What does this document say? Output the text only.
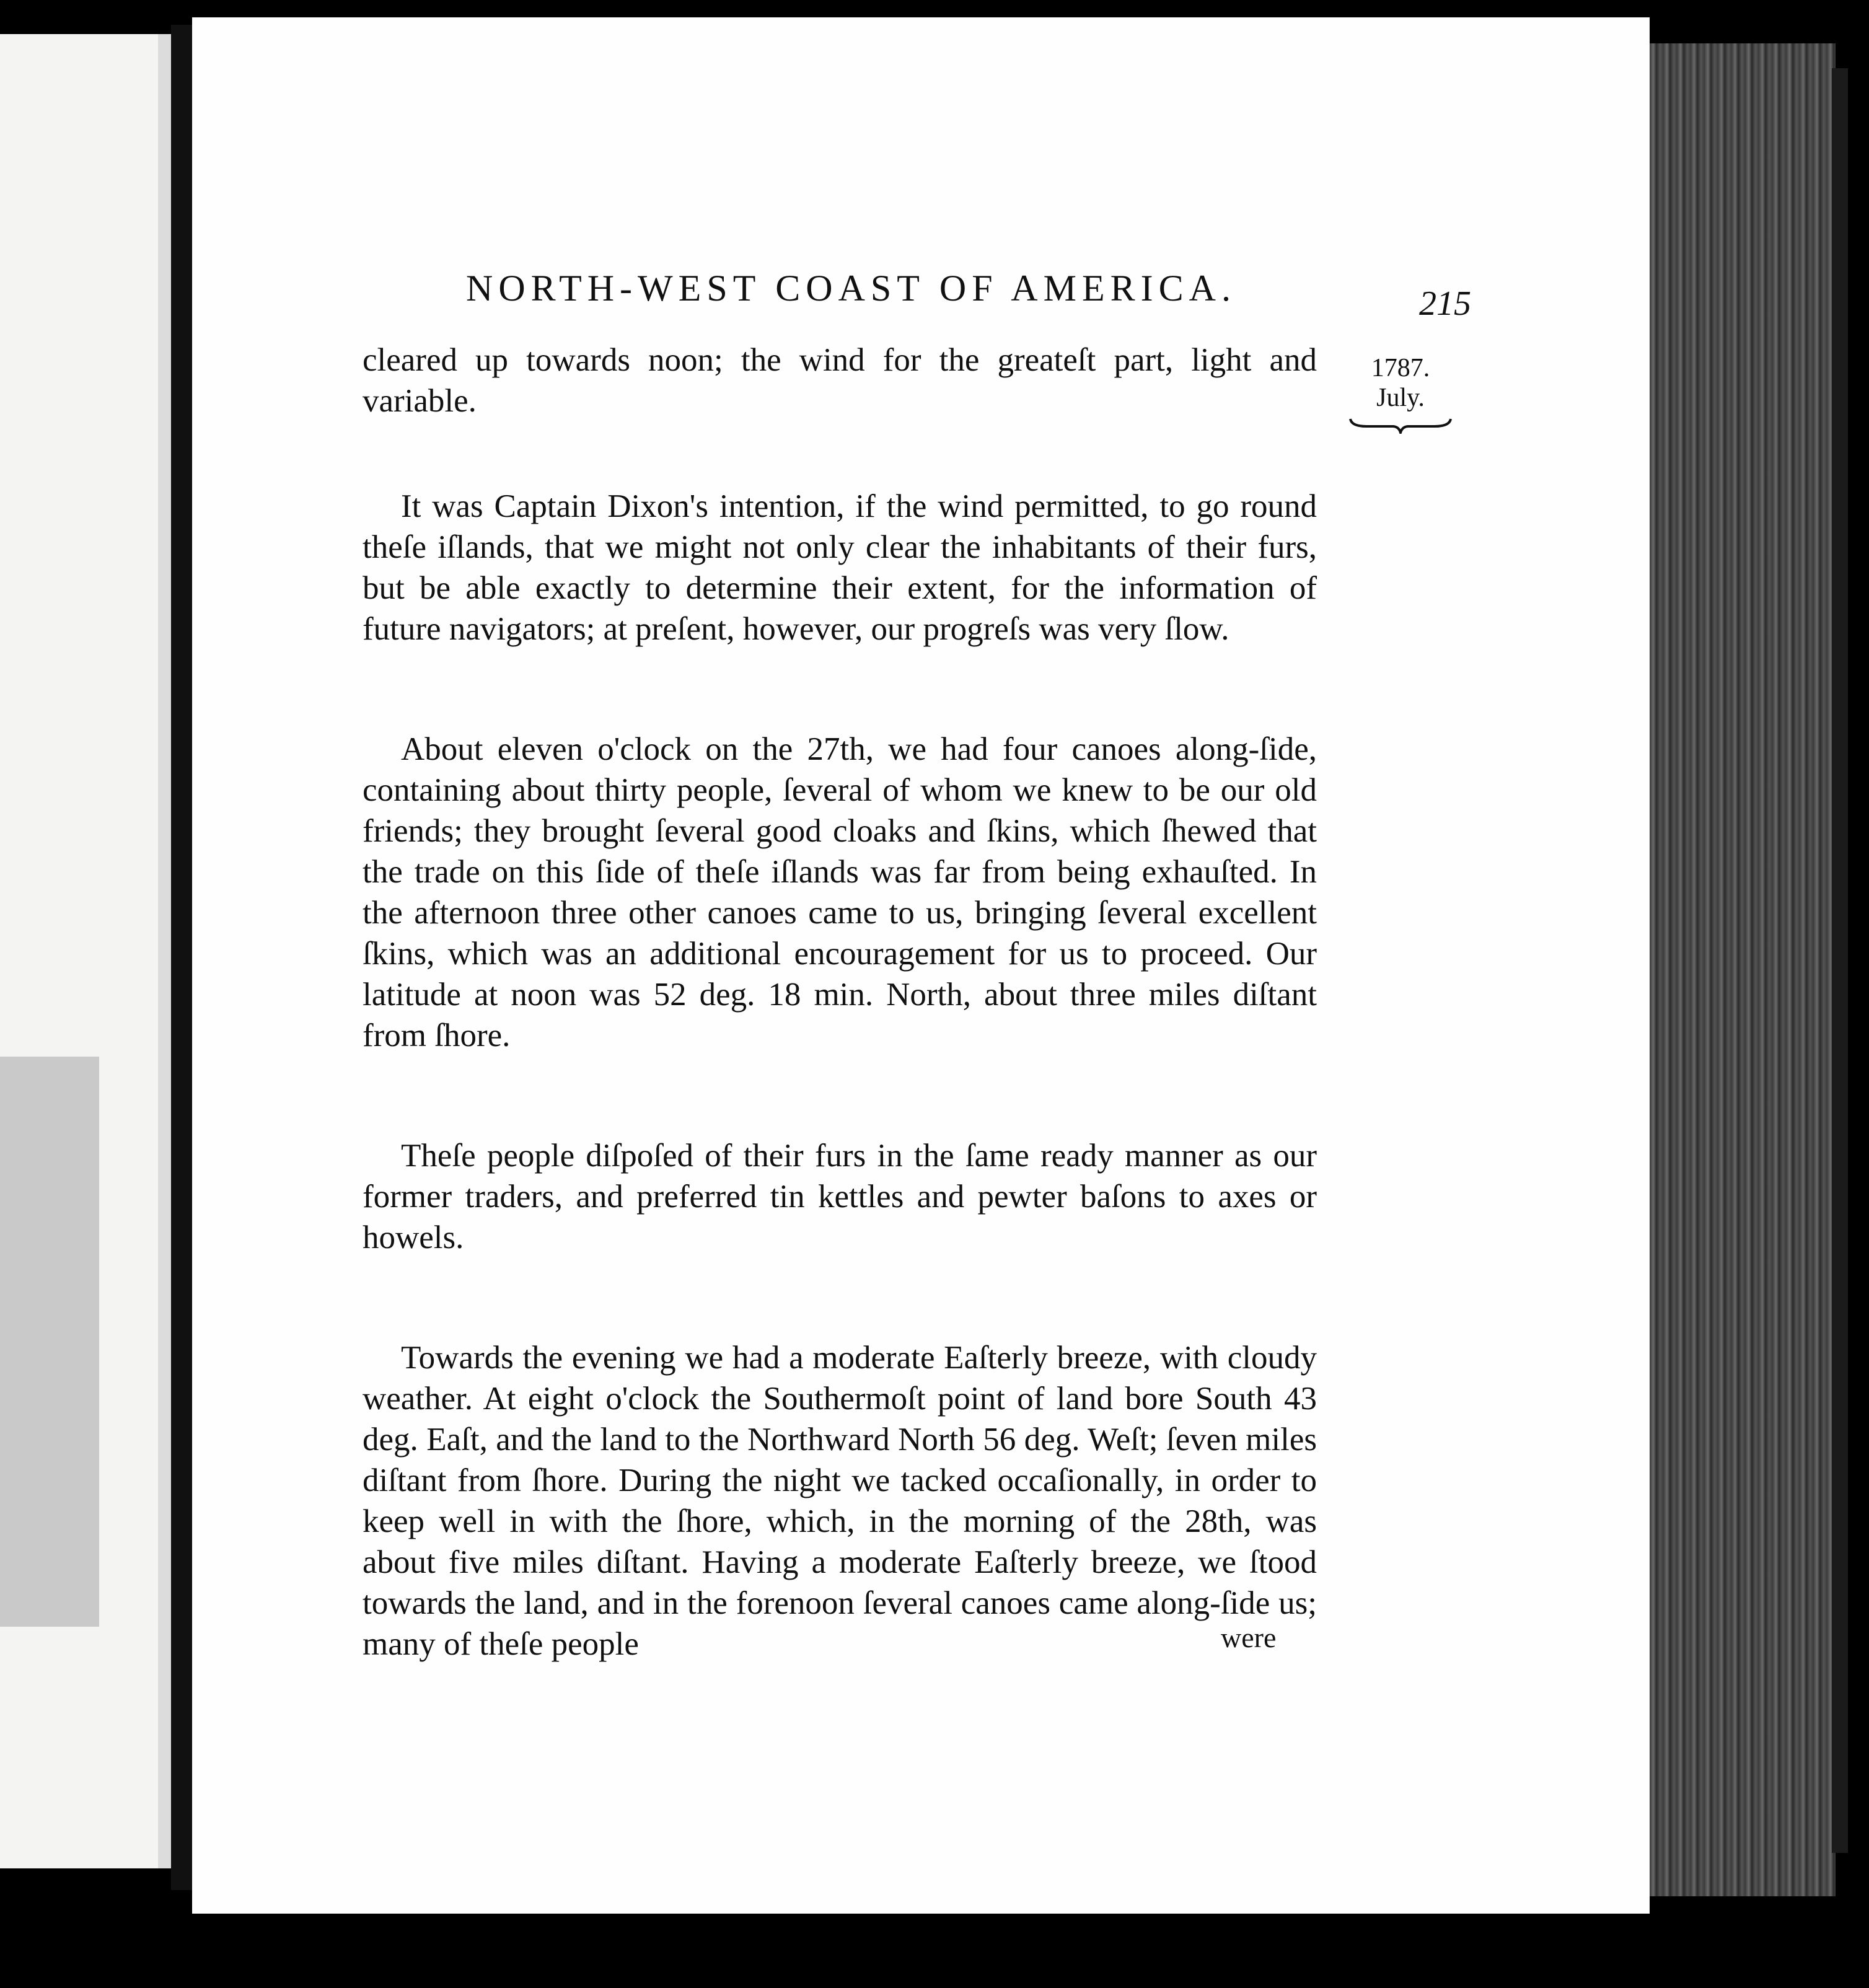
NORTH-WEST COAST OF AMERICA.	215
1787.
July.

cleared up towards noon; the wind for the greateſt part, light and variable.

It was Captain Dixon's intention, if the wind permitted, to go round theſe iſlands, that we might not only clear the inhabitants of their furs, but be able exactly to determine their extent, for the information of future navigators; at preſent, however, our progreſs was very ſlow.

About eleven o'clock on the 27th, we had four canoes along-ſide, containing about thirty people, ſeveral of whom we knew to be our old friends; they brought ſeveral good cloaks and ſkins, which ſhewed that the trade on this ſide of theſe iſlands was far from being exhauſted. In the afternoon three other canoes came to us, bringing ſeveral excellent ſkins, which was an additional encouragement for us to proceed. Our latitude at noon was 52 deg. 18 min. North, about three miles diſtant from ſhore.

Theſe people diſpoſed of their furs in the ſame ready manner as our former traders, and preferred tin kettles and pewter baſons to axes or howels.

Towards the evening we had a moderate Eaſterly breeze, with cloudy weather. At eight o'clock the Southermoſt point of land bore South 43 deg. Eaſt, and the land to the Northward North 56 deg. Weſt; ſeven miles diſtant from ſhore. During the night we tacked occaſionally, in order to keep well in with the ſhore, which, in the morning of the 28th, was about five miles diſtant. Having a moderate Eaſterly breeze, we ſtood towards the land, and in the forenoon ſeveral canoes came along-ſide us; many of theſe people	were
